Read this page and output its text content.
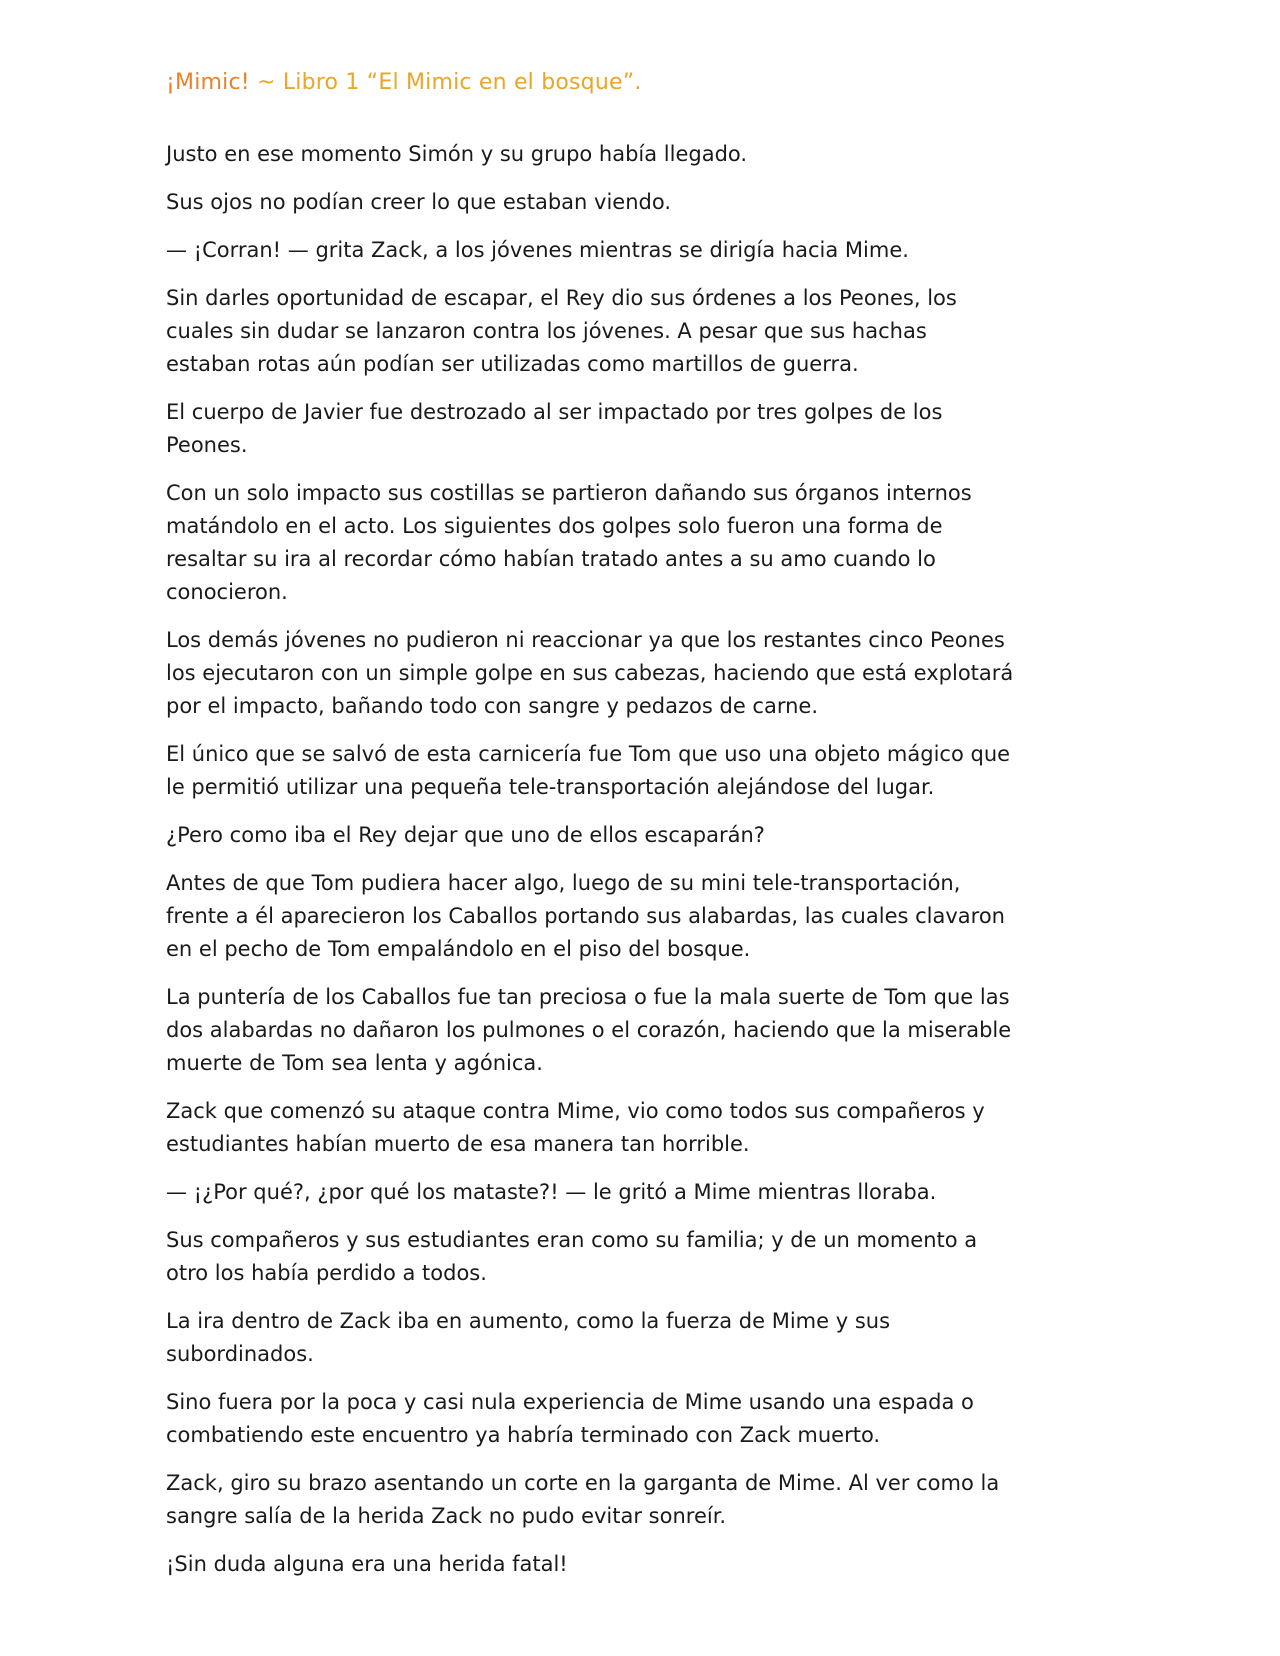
¡Mimic! ~ Libro 1 “El Mimic en el bosque”.

Justo en ese momento Simón y su grupo había llegado.

Sus ojos no podían creer lo que estaban viendo.

— ¡Corran! — grita Zack, a los jóvenes mientras se dirigía hacia Mime.

Sin darles oportunidad de escapar, el Rey dio sus órdenes a los Peones, los cuales sin dudar se lanzaron contra los jóvenes. A pesar que sus hachas estaban rotas aún podían ser utilizadas como martillos de guerra.

El cuerpo de Javier fue destrozado al ser impactado por tres golpes de los Peones.

Con un solo impacto sus costillas se partieron dañando sus órganos internos matándolo en el acto. Los siguientes dos golpes solo fueron una forma de resaltar su ira al recordar cómo habían tratado antes a su amo cuando lo conocieron.

Los demás jóvenes no pudieron ni reaccionar ya que los restantes cinco Peones los ejecutaron con un simple golpe en sus cabezas, haciendo que está explotará por el impacto, bañando todo con sangre y pedazos de carne.

El único que se salvó de esta carnicería fue Tom que uso una objeto mágico que le permitió utilizar una pequeña tele-transportación alejándose del lugar.

¿Pero como iba el Rey dejar que uno de ellos escaparán?

Antes de que Tom pudiera hacer algo, luego de su mini tele-transportación, frente a él aparecieron los Caballos portando sus alabardas, las cuales clavaron en el pecho de Tom empalándolo en el piso del bosque.

La puntería de los Caballos fue tan preciosa o fue la mala suerte de Tom que las dos alabardas no dañaron los pulmones o el corazón, haciendo que la miserable muerte de Tom sea lenta y agónica.

Zack que comenzó su ataque contra Mime, vio como todos sus compañeros y estudiantes habían muerto de esa manera tan horrible.

— ¡¿Por qué?, ¿por qué los mataste?! — le gritó a Mime mientras lloraba.

Sus compañeros y sus estudiantes eran como su familia; y de un momento a otro los había perdido a todos.

La ira dentro de Zack iba en aumento, como la fuerza de Mime y sus subordinados.

Sino fuera por la poca y casi nula experiencia de Mime usando una espada o combatiendo este encuentro ya habría terminado con Zack muerto.

Zack, giro su brazo asentando un corte en la garganta de Mime. Al ver como la sangre salía de la herida Zack no pudo evitar sonreír.

¡Sin duda alguna era una herida fatal!
